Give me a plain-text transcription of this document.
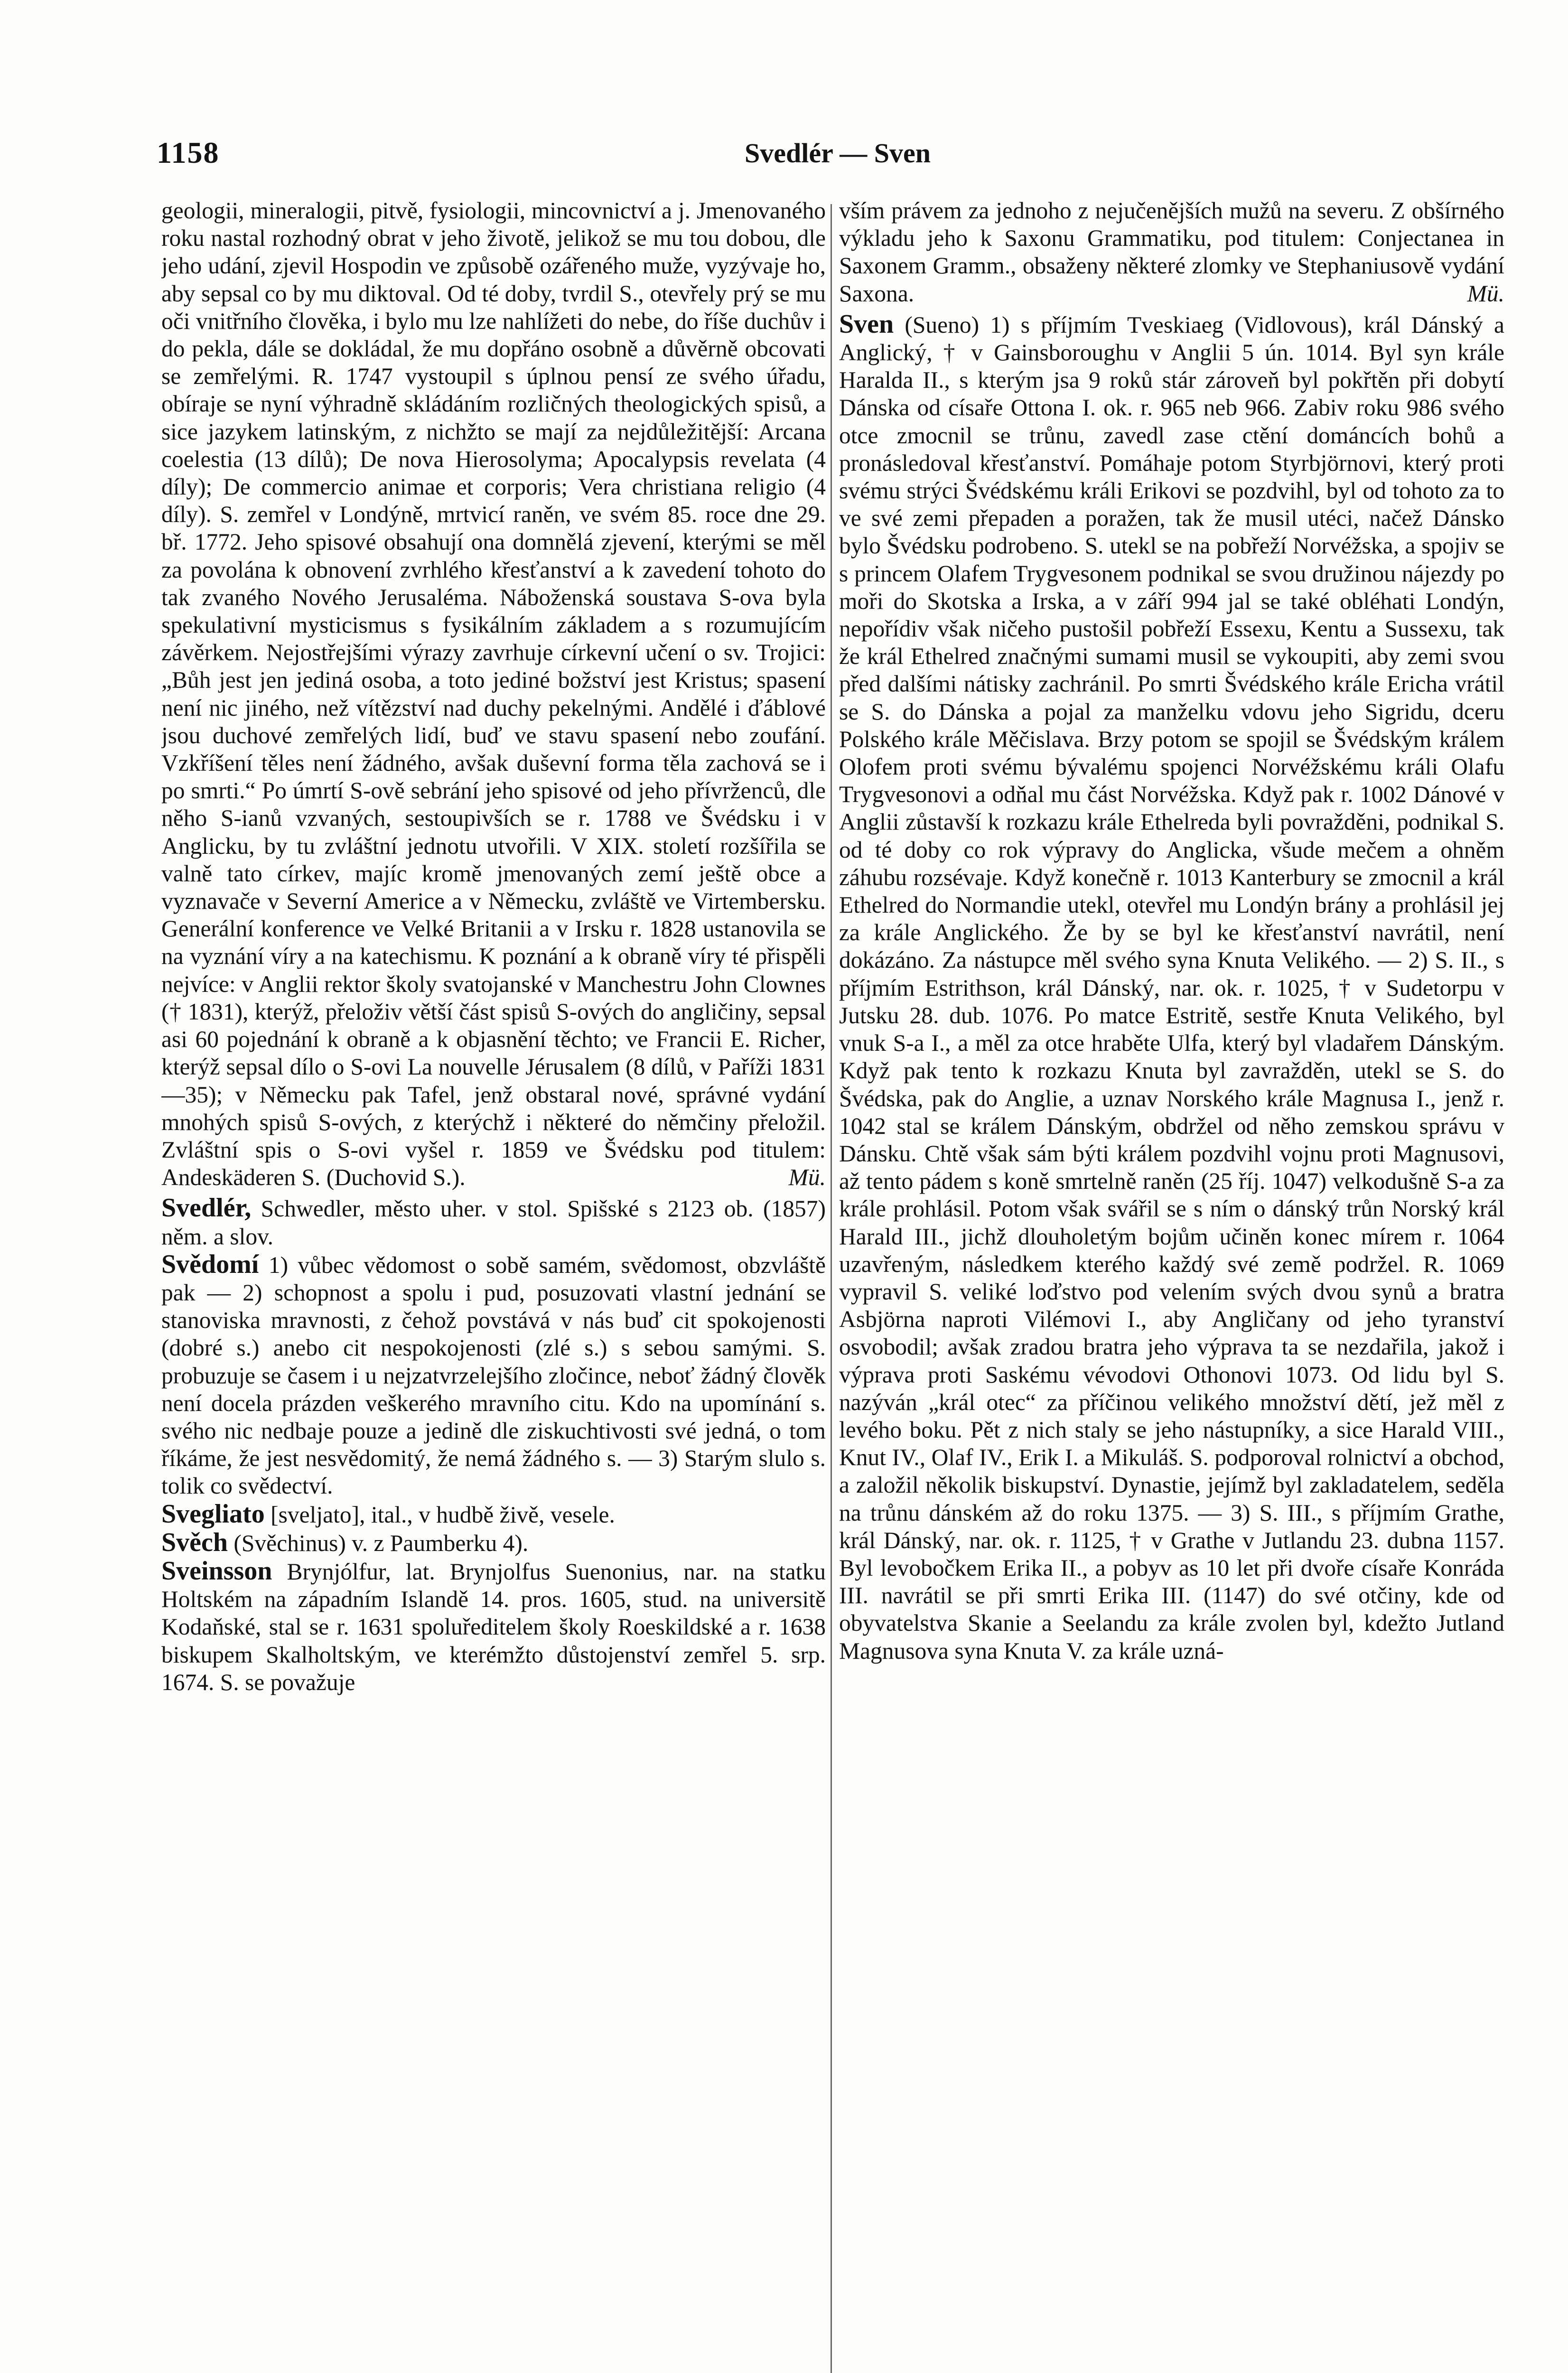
1158	Svedlér — Sven

geologii, mineralogii, pitvě, fysiologii, mincovnictví a j. Jmenovaného roku nastal rozhodný obrat v jeho životě, jelikož se mu tou dobou, dle jeho udání, zjevil Hospodin ve způsobě ozářeného muže, vyzývaje ho, aby sepsal co by mu diktoval. Od té doby, tvrdil S., otevřely prý se mu oči vnitřního člověka, i bylo mu lze nahlížeti do nebe, do říše duchův i do pekla, dále se dokládal, že mu dopřáno osobně a důvěrně obcovati se zemřelými. R. 1747 vystoupil s úplnou pensí ze svého úřadu, obíraje se nyní výhradně skládáním rozličných theologických spisů, a sice jazykem latinským, z nichžto se mají za nejdůležitější: Arcana coelestia (13 dílů); De nova Hierosolyma; Apocalypsis revelata (4 díly); De commercio animae et corporis; Vera christiana religio (4 díly). S. zemřel v Londýně, mrtvicí raněn, ve svém 85. roce dne 29. bř. 1772. Jeho spisové obsahují ona domnělá zjevení, kterými se měl za povolána k obnovení zvrhlého křesťanství a k zavedení tohoto do tak zvaného Nového Jerusaléma. Náboženská soustava S-ova byla spekulativní mysticismus s fysikálním základem a s rozumujícím závěrkem. Nejostřejšími výrazy zavrhuje církevní učení o sv. Trojici: „Bůh jest jen jediná osoba, a toto jediné božství jest Kristus; spasení není nic jiného, než vítězství nad duchy pekelnými. Andělé i ďáblové jsou duchové zemřelých lidí, buď ve stavu spasení nebo zoufání. Vzkříšení těles není žádného, avšak duševní forma těla zachová se i po smrti.“ Po úmrtí S-ově sebrání jeho spisové od jeho přívrženců, dle něho S-ianů vzvaných, sestoupivších se r. 1788 ve Švédsku i v Anglicku, by tu zvláštní jednotu utvořili. V XIX. století rozšířila se valně tato církev, majíc kromě jmenovaných zemí ještě obce a vyznavače v Severní Americe a v Německu, zvláště ve Virtembersku. Generální konference ve Velké Britanii a v Irsku r. 1828 ustanovila se na vyznání víry a na katechismu. K poznání a k obraně víry té přispěli nejvíce: v Anglii rektor školy svatojanské v Manchestru John Clownes († 1831), kterýž, přeloživ větší část spisů S-ových do angličiny, sepsal asi 60 pojednání k obraně a k objasnění těchto; ve Francii E. Richer, kterýž sepsal dílo o S-ovi La nouvelle Jérusalem (8 dílů, v Paříži 1831—35); v Německu pak Tafel, jenž obstaral nové, správné vydání mnohých spisů S-ových, z kterýchž i některé do němčiny přeložil. Zvláštní spis o S-ovi vyšel r. 1859 ve Švédsku pod titulem: Andeskäderen S. (Duchovid S.).	Mü.

Svedlér, Schwedler, město uher. v stol. Spišské s 2123 ob. (1857) něm. a slov.

Svědomí 1) vůbec vědomost o sobě samém, svědomost, obzvláště pak — 2) schopnost a spolu i pud, posuzovati vlastní jednání se stanoviska mravnosti, z čehož povstává v nás buď cit spokojenosti (dobré s.) anebo cit nespokojenosti (zlé s.) s sebou samými. S. probuzuje se časem i u nejzatvrzelejšího zločince, neboť žádný člověk není docela prázden veškerého mravního citu. Kdo na upomínání s. svého nic nedbaje pouze a jedině dle ziskuchtivosti své jedná, o tom říkáme, že jest nesvědomitý, že nemá žádného s. — 3) Starým slulo s. tolik co svědectví.

Svegliato [sveljato], ital., v hudbě živě, vesele.

Svěch (Svěchinus) v. z Paumberku 4).

Sveinsson Brynjólfur, lat. Brynjolfus Suenonius, nar. na statku Holtském na západním Islandě 14. pros. 1605, stud. na universitě Kodaňské, stal se r. 1631 spoluředitelem školy Roeskildské a r. 1638 biskupem Skalholtským, ve kterémžto důstojenství zemřel 5. srp. 1674. S. se považuje

vším právem za jednoho z nejučenějších mužů na severu. Z obšírného výkladu jeho k Saxonu Grammatiku, pod titulem: Conjectanea in Saxonem Gramm., obsaženy některé zlomky ve Stephaniusově vydání Saxona.	Mü.

Sven (Sueno) 1) s příjmím Tveskiaeg (Vidlovous), král Dánský a Anglický, † v Gainsboroughu v Anglii 5 ún. 1014. Byl syn krále Haralda II., s kterým jsa 9 roků stár zároveň byl pokřtěn při dobytí Dánska od císaře Ottona I. ok. r. 965 neb 966. Zabiv roku 986 svého otce zmocnil se trůnu, zavedl zase ctění dománcích bohů a pronásledoval křesťanství. Pomáhaje potom Styrbjörnovi, který proti svému strýci Švédskému králi Erikovi se pozdvihl, byl od tohoto za to ve své zemi přepaden a poražen, tak že musil utéci, načež Dánsko bylo Švédsku podrobeno. S. utekl se na pobřeží Norvéžska, a spojiv se s princem Olafem Trygvesonem podnikal se svou družinou nájezdy po moři do Skotska a Irska, a v září 994 jal se také obléhati Londýn, nepořídiv však ničeho pustošil pobřeží Essexu, Kentu a Sussexu, tak že král Ethelred značnými sumami musil se vykoupiti, aby zemi svou před dalšími nátisky zachránil. Po smrti Švédského krále Ericha vrátil se S. do Dánska a pojal za manželku vdovu jeho Sigridu, dceru Polského krále Měčislava. Brzy potom se spojil se Švédským králem Olofem proti svému bývalému spojenci Norvéžskému králi Olafu Trygvesonovi a odňal mu část Norvéžska. Když pak r. 1002 Dánové v Anglii zůstavší k rozkazu krále Ethelreda byli povražděni, podnikal S. od té doby co rok výpravy do Anglicka, všude mečem a ohněm záhubu rozsévaje. Když konečně r. 1013 Kanterbury se zmocnil a král Ethelred do Normandie utekl, otevřel mu Londýn brány a prohlásil jej za krále Anglického. Že by se byl ke křesťanství navrátil, není dokázáno. Za nástupce měl svého syna Knuta Velikého. — 2) S. II., s příjmím Estrithson, král Dánský, nar. ok. r. 1025, † v Sudetorpu v Jutsku 28. dub. 1076. Po matce Estritě, sestře Knuta Velikého, byl vnuk S-a I., a měl za otce hraběte Ulfa, který byl vladařem Dánským. Když pak tento k rozkazu Knuta byl zavražděn, utekl se S. do Švédska, pak do Anglie, a uznav Norského krále Magnusa I., jenž r. 1042 stal se králem Dánským, obdržel od něho zemskou správu v Dánsku. Chtě však sám býti králem pozdvihl vojnu proti Magnusovi, až tento pádem s koně smrtelně raněn (25 říj. 1047) velkodušně S-a za krále prohlásil. Potom však svářil se s ním o dánský trůn Norský král Harald III., jichž dlouholetým bojům učiněn konec mírem r. 1064 uzavřeným, následkem kterého každý své země podržel. R. 1069 vypravil S. veliké loďstvo pod velením svých dvou synů a bratra Asbjörna naproti Vilémovi I., aby Angličany od jeho tyranství osvobodil; avšak zradou bratra jeho výprava ta se nezdařila, jakož i výprava proti Saskému vévodovi Othonovi 1073. Od lidu byl S. nazýván „král otec“ za příčinou velikého množství dětí, jež měl z levého boku. Pět z nich staly se jeho nástupníky, a sice Harald VIII., Knut IV., Olaf IV., Erik I. a Mikuláš. S. podporoval rolnictví a obchod, a založil několik biskupství. Dynastie, jejímž byl zakladatelem, seděla na trůnu dánském až do roku 1375. — 3) S. III., s příjmím Grathe, král Dánský, nar. ok. r. 1125, † v Grathe v Jutlandu 23. dubna 1157. Byl levobočkem Erika II., a pobyv as 10 let při dvoře císaře Konráda III. navrátil se při smrti Erika III. (1147) do své otčiny, kde od obyvatelstva Skanie a Seelandu za krále zvolen byl, kdežto Jutland Magnusova syna Knuta V. za krále uzná-
